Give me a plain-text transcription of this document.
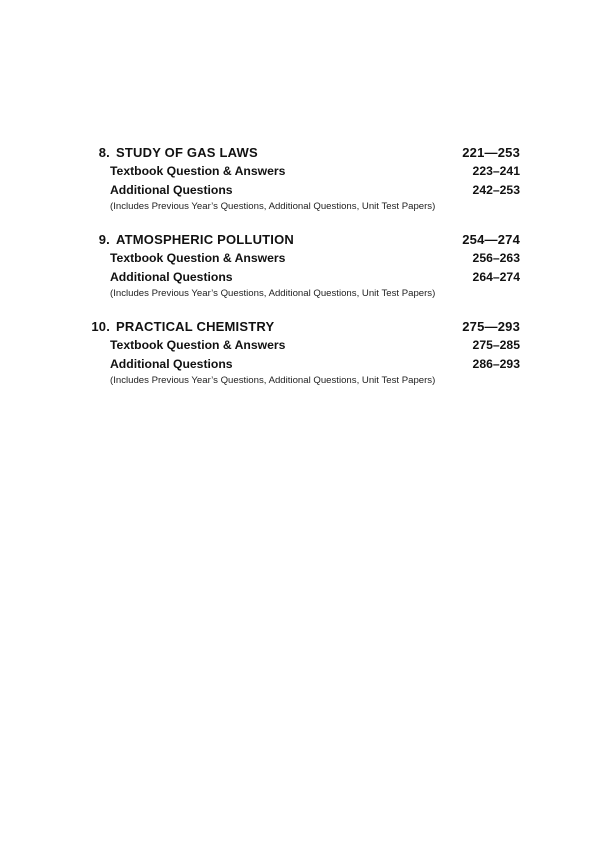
8. STUDY OF GAS LAWS	221—253
Textbook Question & Answers	223–241
Additional Questions	242–253
(Includes Previous Year’s Questions, Additional Questions, Unit Test Papers)
9. ATMOSPHERIC POLLUTION	254—274
Textbook Question & Answers	256–263
Additional Questions	264–274
(Includes Previous Year’s Questions, Additional Questions, Unit Test Papers)
10. PRACTICAL CHEMISTRY	275—293
Textbook Question & Answers	275–285
Additional Questions	286–293
(Includes Previous Year’s Questions, Additional Questions, Unit Test Papers)
